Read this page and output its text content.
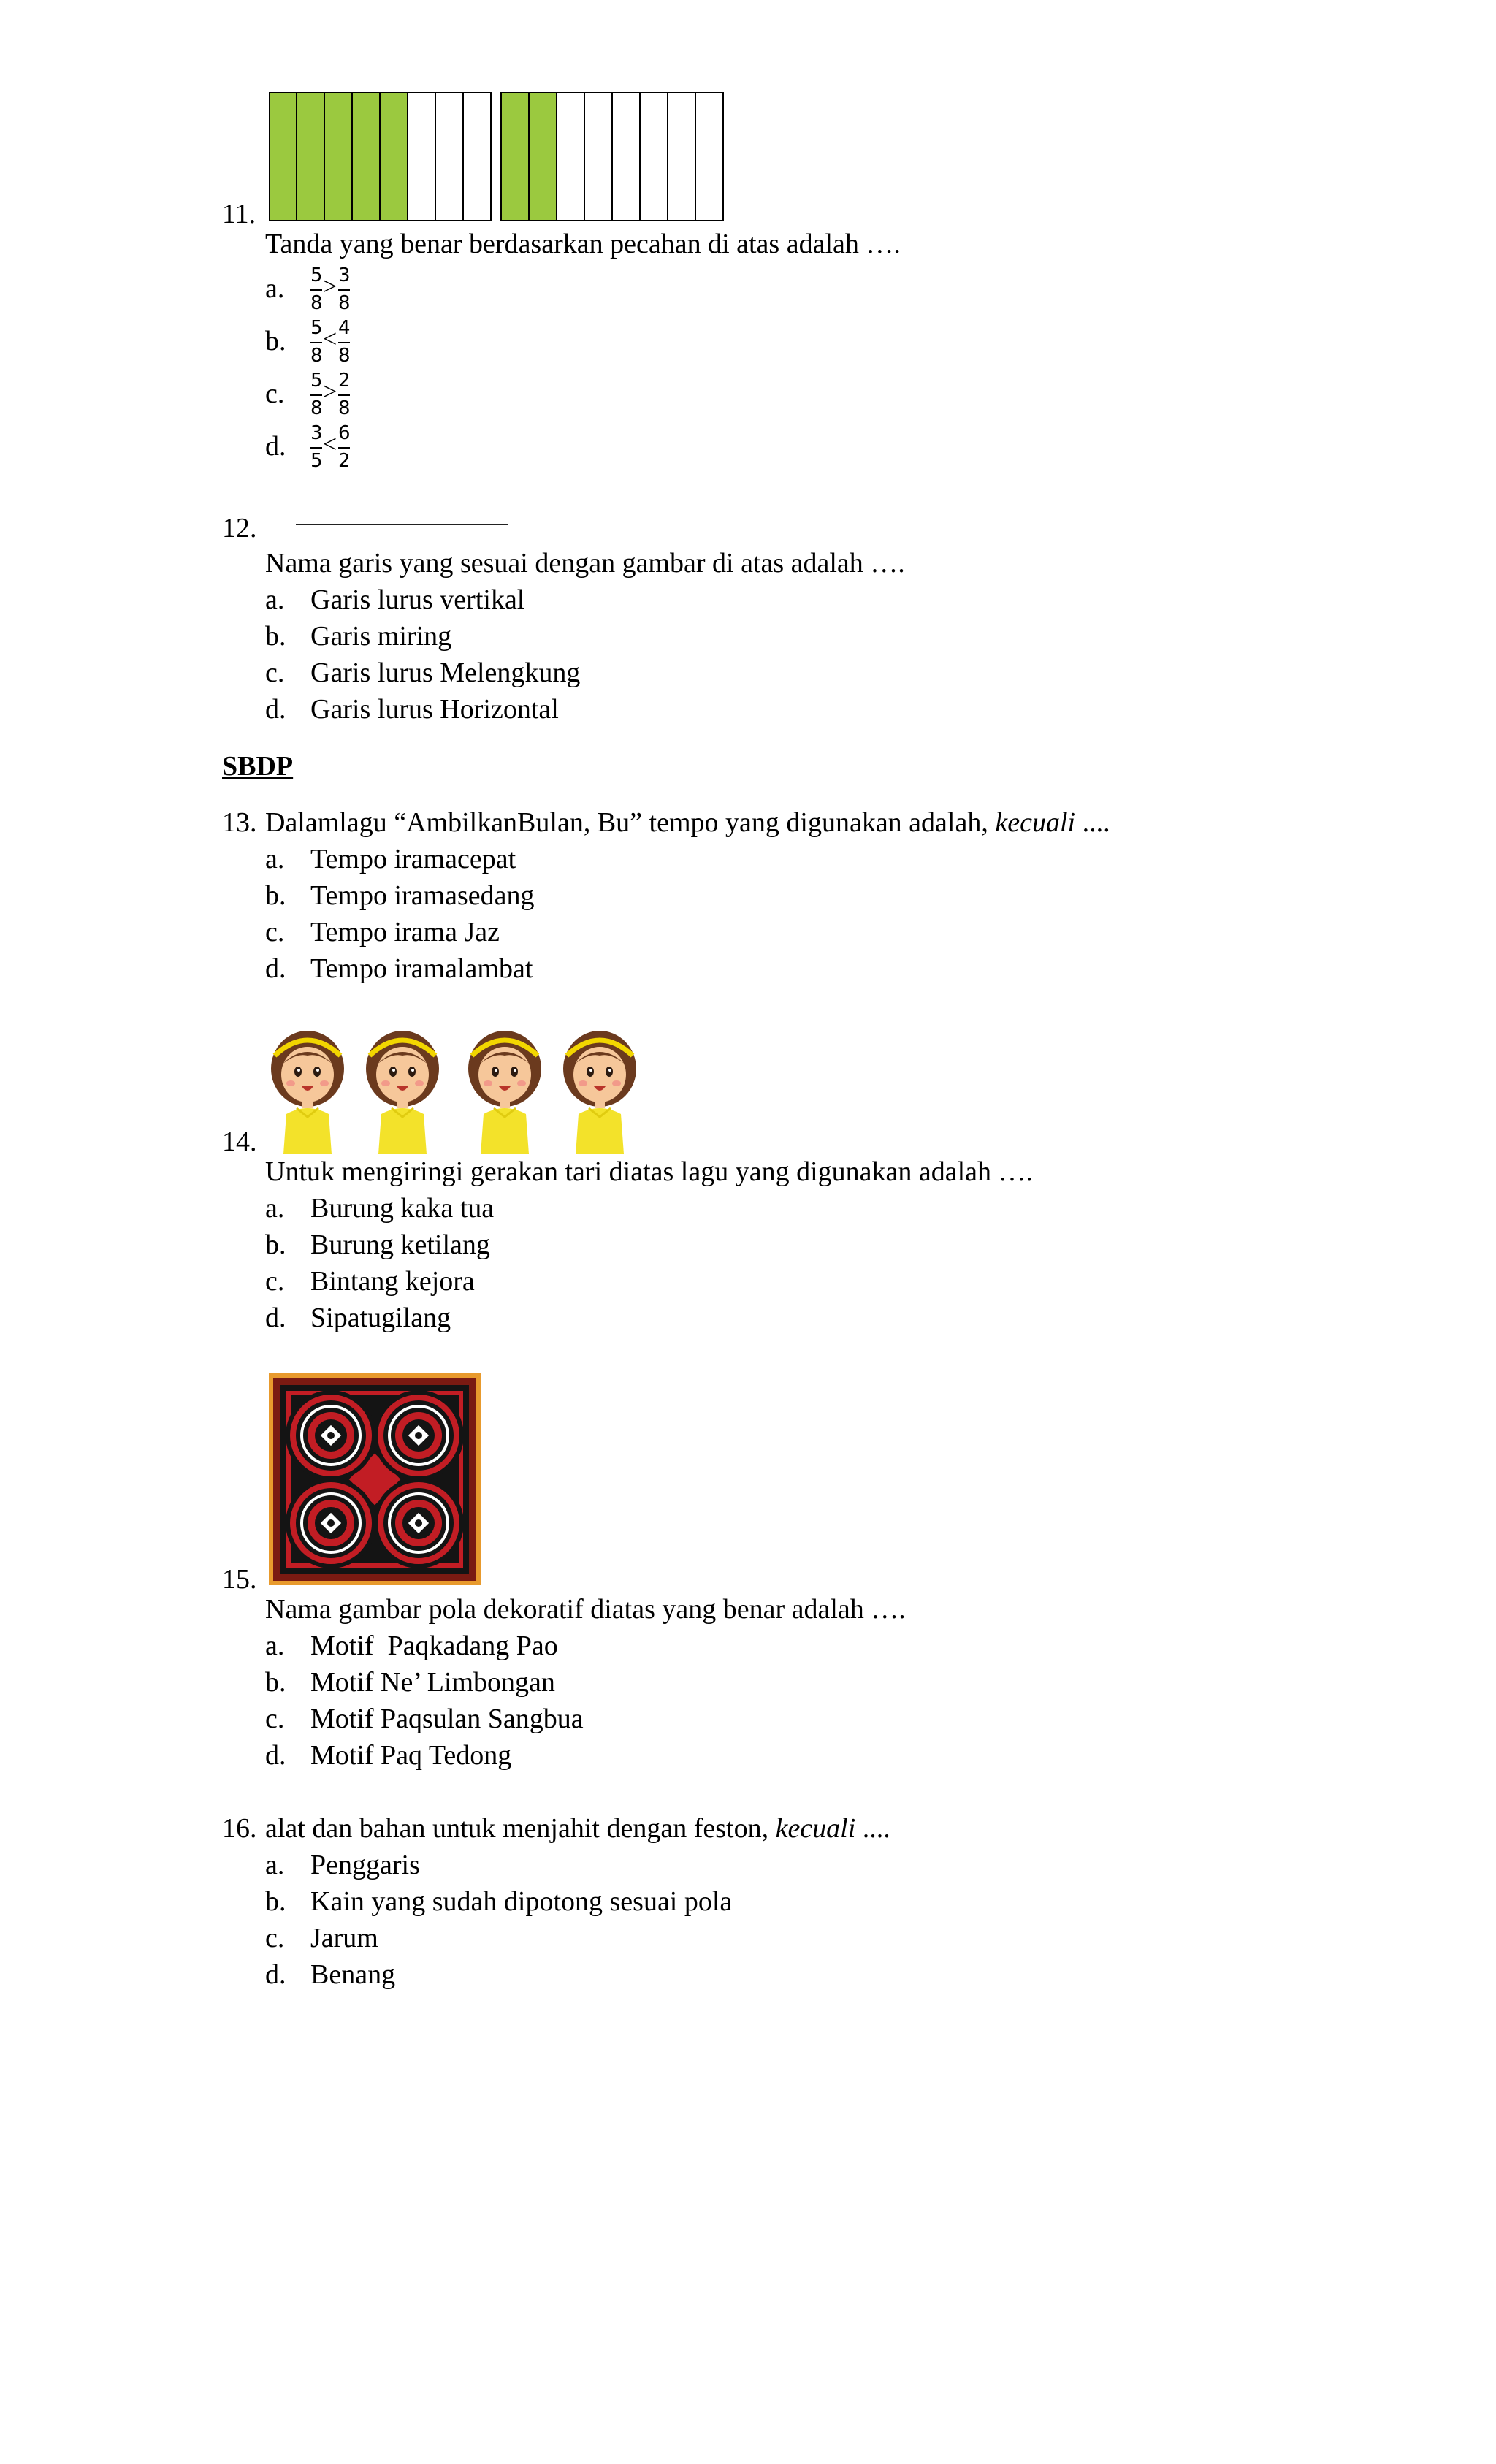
11.
Tanda yang benar berdasarkan pecahan di atas adalah ….
a. 5
8
> 3
8
b. 5
8
< 4
8
c. 5
8
> 2
8
d. 3
5
< 6
2
12.
Nama garis yang sesuai dengan gambar di atas adalah ….
a. Garis lurus vertikal
b. Garis miring
c. Garis lurus Melengkung
d. Garis lurus Horizontal
SBDP
13. Dalamlagu “AmbilkanBulan, Bu” tempo yang digunakan adalah, kecuali ....
a. Tempo iramacepat
b. Tempo iramasedang
c. Tempo irama Jaz
d. Tempo iramalambat
14.
Untuk mengiringi gerakan tari diatas lagu yang digunakan adalah ….
a. Burung kaka tua
b. Burung ketilang
c. Bintang kejora
d. Sipatugilang
15.
Nama gambar pola dekoratif diatas yang benar adalah ….
a. Motif  Paqkadang Pao
b. Motif Ne’ Limbongan
c. Motif Paqsulan Sangbua
d. Motif Paq Tedong
16. alat dan bahan untuk menjahit dengan feston, kecuali ....
a. Penggaris
b. Kain yang sudah dipotong sesuai pola
c. Jarum
d. Benang
